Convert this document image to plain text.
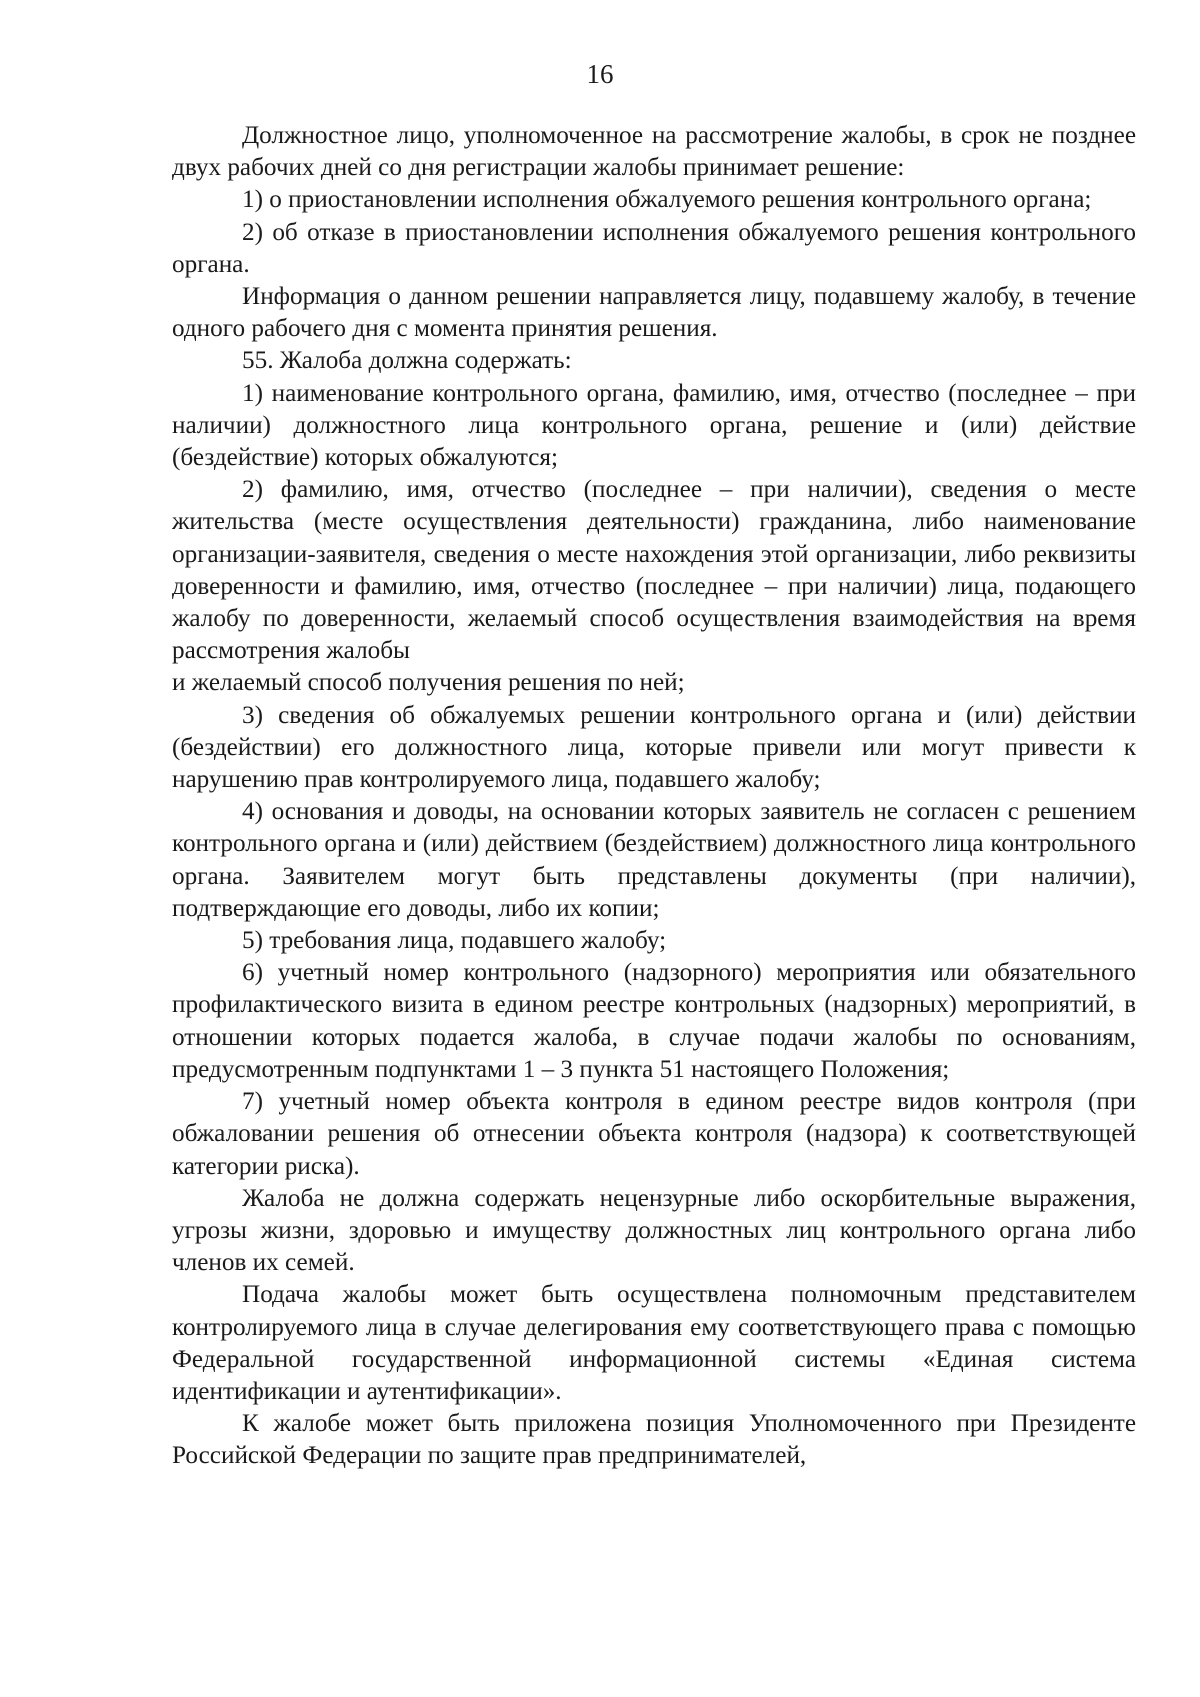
16

Должностное лицо, уполномоченное на рассмотрение жалобы, в срок не позднее двух рабочих дней со дня регистрации жалобы принимает решение:

1) о приостановлении исполнения обжалуемого решения контрольного органа;

2) об отказе в приостановлении исполнения обжалуемого решения контрольного органа.

Информация о данном решении направляется лицу, подавшему жалобу, в течение одного рабочего дня с момента принятия решения.

55. Жалоба должна содержать:

1) наименование контрольного органа, фамилию, имя, отчество (последнее – при наличии) должностного лица контрольного органа, решение и (или) действие (бездействие) которых обжалуются;

2) фамилию, имя, отчество (последнее – при наличии), сведения о месте жительства (месте осуществления деятельности) гражданина, либо наименование организации-заявителя, сведения о месте нахождения этой организации, либо реквизиты доверенности и фамилию, имя, отчество (последнее – при наличии) лица, подающего жалобу по доверенности, желаемый способ осуществления взаимодействия на время рассмотрения жалобы

и желаемый способ получения решения по ней;

3) сведения об обжалуемых решении контрольного органа и (или) действии (бездействии) его должностного лица, которые привели или могут привести к нарушению прав контролируемого лица, подавшего жалобу;

4) основания и доводы, на основании которых заявитель не согласен с решением контрольного органа и (или) действием (бездействием) должностного лица контрольного органа. Заявителем могут быть представлены документы (при наличии), подтверждающие его доводы, либо их копии;

5) требования лица, подавшего жалобу;

6) учетный номер контрольного (надзорного) мероприятия или обязательного профилактического визита в едином реестре контрольных (надзорных) мероприятий, в отношении которых подается жалоба, в случае подачи жалобы по основаниям, предусмотренным подпунктами 1 – 3 пункта 51 настоящего Положения;

7) учетный номер объекта контроля в едином реестре видов контроля (при обжаловании решения об отнесении объекта контроля (надзора) к соответствующей категории риска).

Жалоба не должна содержать нецензурные либо оскорбительные выражения, угрозы жизни, здоровью и имуществу должностных лиц контрольного органа либо членов их семей.

Подача жалобы может быть осуществлена полномочным представителем контролируемого лица в случае делегирования ему соответствующего права с помощью Федеральной государственной информационной системы «Единая система идентификации и аутентификации».

К жалобе может быть приложена позиция Уполномоченного при Президенте Российской Федерации по защите прав предпринимателей,
